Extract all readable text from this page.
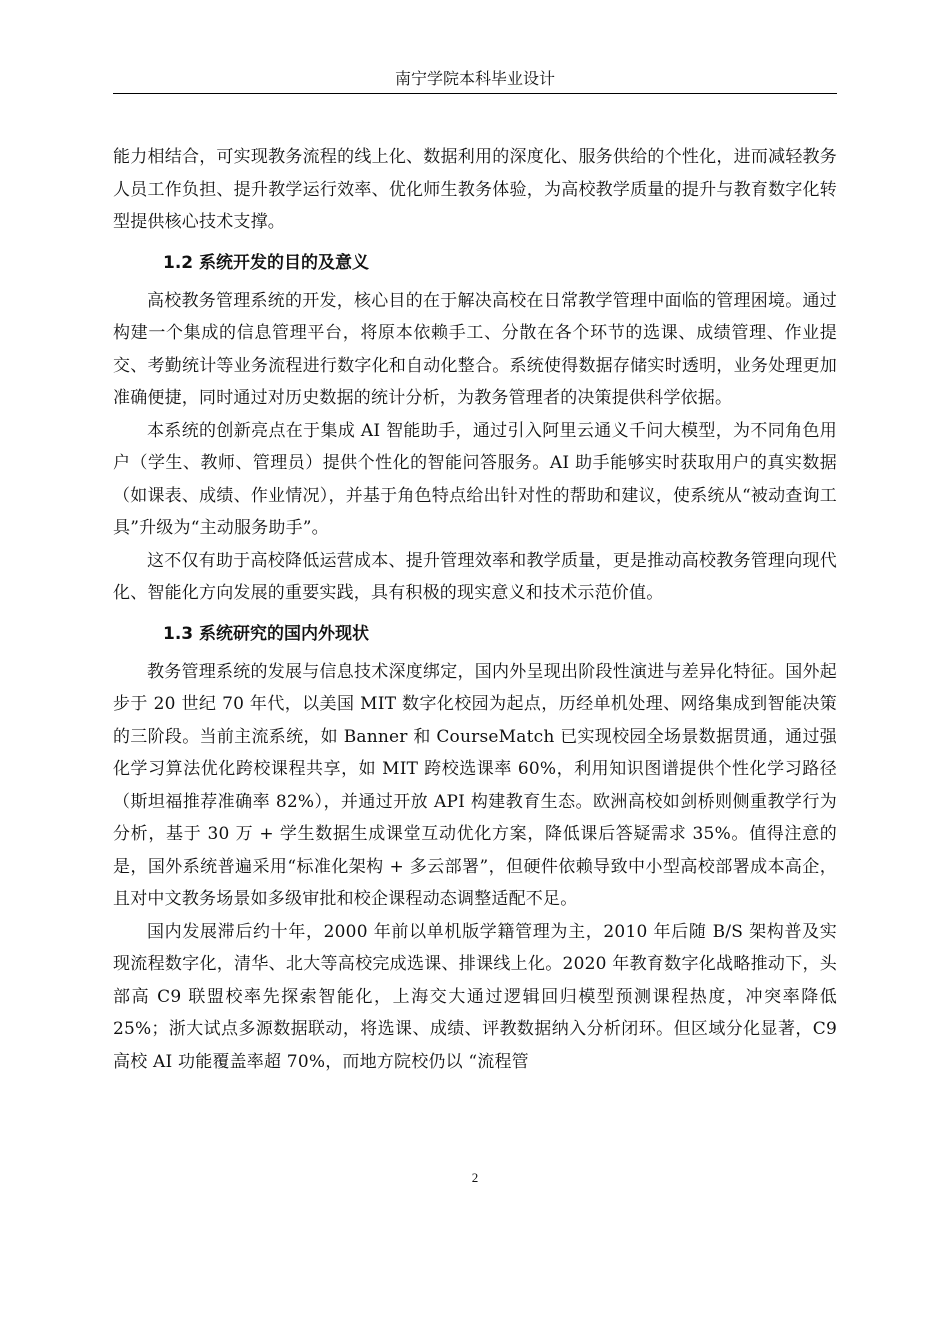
南宁学院本科毕业设计

能力相结合，可实现教务流程的线上化、数据利用的深度化、服务供给的个性化，进而减轻教务人员工作负担、提升教学运行效率、优化师生教务体验，为高校教学质量的提升与教育数字化转型提供核心技术支撑。

1.2 系统开发的目的及意义

高校教务管理系统的开发，核心目的在于解决高校在日常教学管理中面临的管理困境。通过构建一个集成的信息管理平台，将原本依赖手工、分散在各个环节的选课、成绩管理、作业提交、考勤统计等业务流程进行数字化和自动化整合。系统使得数据存储实时透明，业务处理更加准确便捷，同时通过对历史数据的统计分析，为教务管理者的决策提供科学依据。

本系统的创新亮点在于集成 AI 智能助手，通过引入阿里云通义千问大模型，为不同角色用户（学生、教师、管理员）提供个性化的智能问答服务。AI 助手能够实时获取用户的真实数据（如课表、成绩、作业情况），并基于角色特点给出针对性的帮助和建议，使系统从“被动查询工具”升级为“主动服务助手”。

这不仅有助于高校降低运营成本、提升管理效率和教学质量，更是推动高校教务管理向现代化、智能化方向发展的重要实践，具有积极的现实意义和技术示范价值。

1.3 系统研究的国内外现状

教务管理系统的发展与信息技术深度绑定，国内外呈现出阶段性演进与差异化特征。国外起步于 20 世纪 70 年代，以美国 MIT 数字化校园为起点，历经单机处理、网络集成到智能决策的三阶段。当前主流系统，如 Banner 和 CourseMatch 已实现校园全场景数据贯通，通过强化学习算法优化跨校课程共享，如 MIT 跨校选课率 60%，利用知识图谱提供个性化学习路径（斯坦福推荐准确率 82%），并通过开放 API 构建教育生态。欧洲高校如剑桥则侧重教学行为分析，基于 30 万 + 学生数据生成课堂互动优化方案，降低课后答疑需求 35%。值得注意的是，国外系统普遍采用“标准化架构 + 多云部署”，但硬件依赖导致中小型高校部署成本高企，且对中文教务场景如多级审批和校企课程动态调整适配不足。

国内发展滞后约十年，2000 年前以单机版学籍管理为主，2010 年后随 B/S 架构普及实现流程数字化，清华、北大等高校完成选课、排课线上化。2020 年教育数字化战略推动下，头部高 C9 联盟校率先探索智能化，上海交大通过逻辑回归模型预测课程热度，冲突率降低 25%；浙大试点多源数据联动，将选课、成绩、评教数据纳入分析闭环。但区域分化显著，C9 高校 AI 功能覆盖率超 70%，而地方院校仍以 “流程管

2
